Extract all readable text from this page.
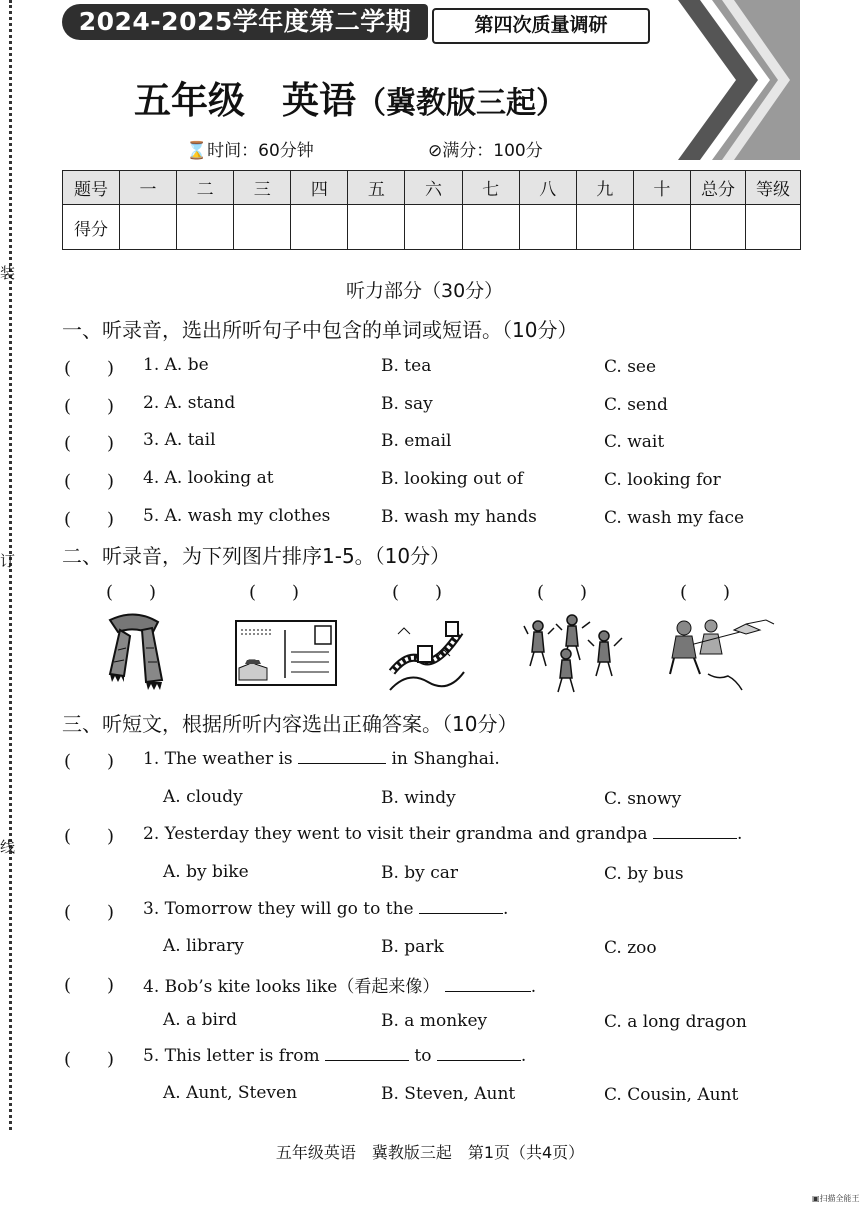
装
订
线
2024-2025学年度第二学期	第四次质量调研
五年级　英语（冀教版三起）
⌛时间：60分钟	⊘满分：100分
题号	一	二	三	四	五	六	七	八	九	十	总分	等级
得分												
听力部分（30分）
一、听录音，选出所听句子中包含的单词或短语。（10分）
(　　) 1. A. be	B. tea	C. see
(　　) 2. A. stand	B. say	C. send
(　　) 3. A. tail	B. email	C. wait
(　　) 4. A. looking at	B. looking out of	C. looking for
(　　) 5. A. wash my clothes	B. wash my hands	C. wash my face
二、听录音，为下列图片排序1-5。（10分）
(　　)	(　　)	(　　)	(　　)	(　　)
三、听短文，根据所听内容选出正确答案。（10分）
(　　) 1. The weather is	in Shanghai.
A. cloudy	B. windy	C. snowy
(　　) 2. Yesterday they went to visit their grandma and grandpa	.
A. by bike	B. by car	C. by bus
(　　) 3. Tomorrow they will go to the	.
A. library	B. park	C. zoo
(　　) 4. Bob’s kite looks like（看起来像）	.
A. a bird	B. a monkey	C. a long dragon
(　　) 5. This letter is from	to	.
A. Aunt, Steven	B. Steven, Aunt	C. Cousin, Aunt
五年级英语　冀教版三起　第1页（共4页）
▣扫描全能王
